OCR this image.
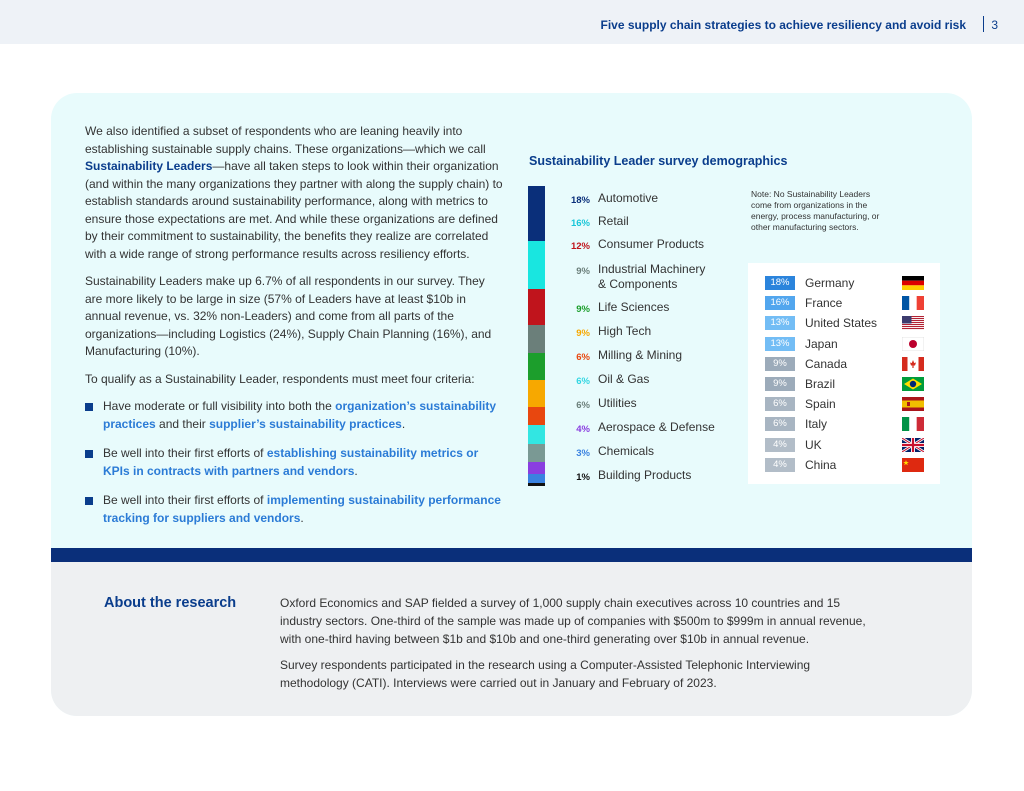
Five supply chain strategies to achieve resiliency and avoid risk 3

We also identified a subset of respondents who are leaning heavily into establishing sustainable supply chains. These organizations—which we call Sustainability Leaders—have all taken steps to look within their organization (and within the many organizations they partner with along the supply chain) to establish standards around sustainability performance, along with metrics to ensure those expectations are met. And while these organizations are defined by their commitment to sustainability, the benefits they realize are correlated with a wide range of strong performance results across resiliency efforts.

Sustainability Leaders make up 6.7% of all respondents in our survey. They are more likely to be large in size (57% of Leaders have at least $10b in annual revenue, vs. 32% non-Leaders) and come from all parts of the organizations—including Logistics (24%), Supply Chain Planning (16%), and Manufacturing (10%).

To qualify as a Sustainability Leader, respondents must meet four criteria:

Have moderate or full visibility into both the organization’s sustainability practices and their supplier’s sustainability practices.
Be well into their first efforts of establishing sustainability metrics or KPIs in contracts with partners and vendors.
Be well into their first efforts of implementing sustainability performance tracking for suppliers and vendors.
Sustainability Leader survey demographics
18% Automotive
16% Retail
12% Consumer Products
9% Industrial Machinery
& Components
9% Life Sciences
9% High Tech
6% Milling & Mining
6% Oil & Gas
6% Utilities
4% Aerospace & Defense
3% Chemicals
1% Building Products
Note: No Sustainability Leaders come from organizations in the energy, process manufacturing, or other manufacturing sectors.
18%	Germany
16%	France
13%	United States
13%	Japan
9%	Canada
9%	Brazil
6%	Spain
6%	Italy
4%	UK
4%	China
About the research	Oxford Economics and SAP fielded a survey of 1,000 supply chain executives across 10 countries and 15 industry sectors. One-third of the sample was made up of companies with $500m to $999m in annual revenue, with one-third having between $1b and $10b and one-third generating over $10b in annual revenue.

Survey respondents participated in the research using a Computer-Assisted Telephonic Interviewing methodology (CATI). Interviews were carried out in January and February of 2023.
